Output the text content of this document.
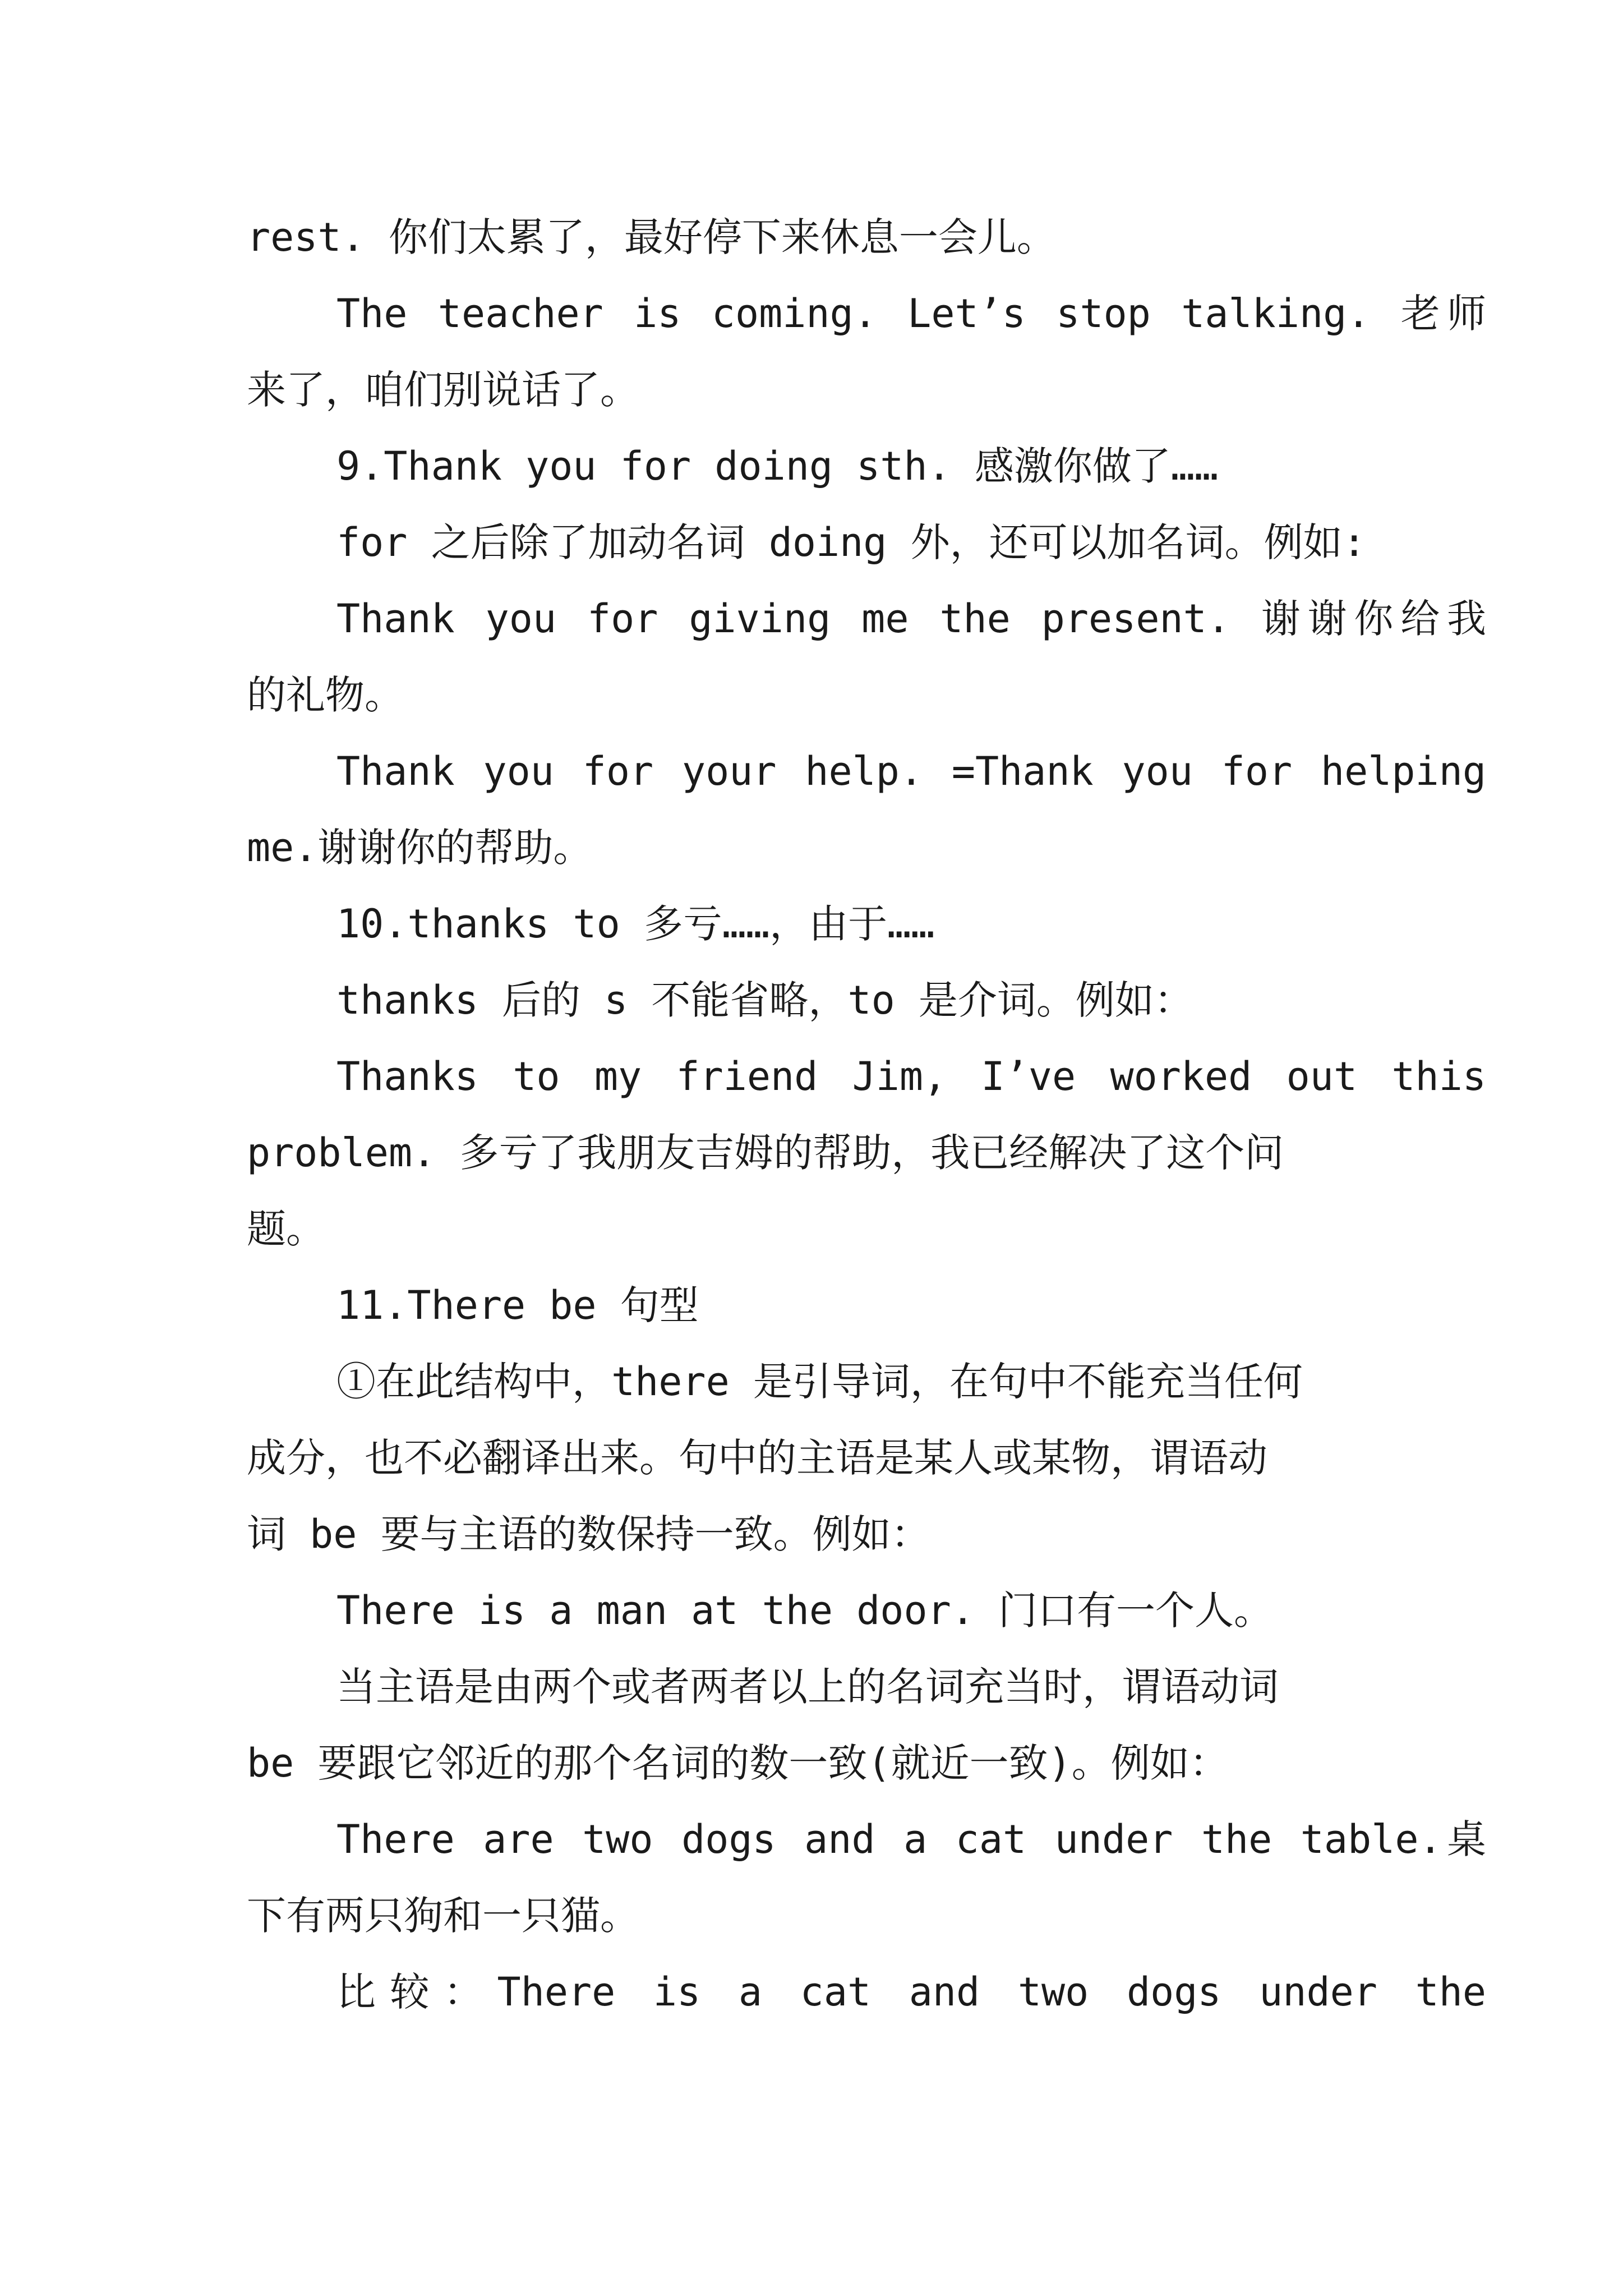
rest. 你们太累了，最好停下来休息一会儿。
The teacher is coming. Let’s stop talking. 老师
来了，咱们别说话了。
9.Thank you for doing sth. 感激你做了……
for 之后除了加动名词 doing 外，还可以加名词。例如:
Thank you for giving me the present. 谢谢你给我
的礼物。
Thank you for your help. =Thank you for helping
me.谢谢你的帮助。
10.thanks to 多亏……，由于……
thanks 后的 s 不能省略，to 是介词。例如：
Thanks to my friend Jim, I’ve worked out this
problem. 多亏了我朋友吉姆的帮助，我已经解决了这个问
题。
11.There be 句型
①在此结构中，there 是引导词，在句中不能充当任何
成分，也不必翻译出来。句中的主语是某人或某物，谓语动
词 be 要与主语的数保持一致。例如：
There is a man at the door. 门口有一个人。
当主语是由两个或者两者以上的名词充当时，谓语动词
be 要跟它邻近的那个名词的数一致(就近一致)。例如：
There are two dogs and a cat under the table.桌
下有两只狗和一只猫。
比较：There is a cat and two dogs under the
